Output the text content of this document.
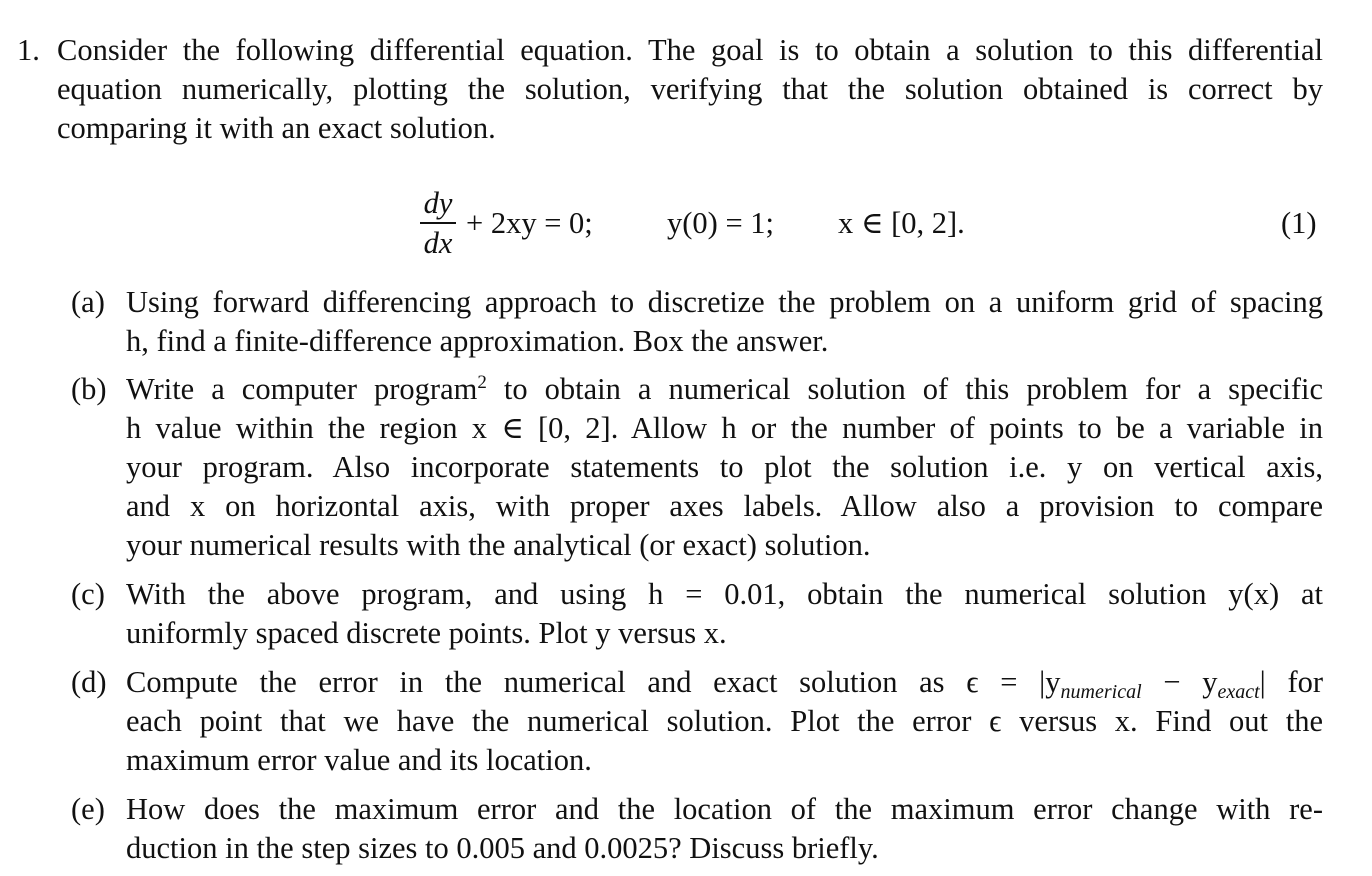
1. Consider the following differential equation. The goal is to obtain a solution to this differential
equation numerically, plotting the solution, verifying that the solution obtained is correct by
comparing it with an exact solution.
dy
dx
+ 2xy = 0; y(0) = 1; x ∈ [0, 2].	(1)
(a) Using forward differencing approach to discretize the problem on a uniform grid of spacing
h, find a finite-difference approximation. Box the answer.
(b) Write a computer program$^2$ to obtain a numerical solution of this problem for a specific
h value within the region x ∈ [0, 2]. Allow h or the number of points to be a variable in
your program. Also incorporate statements to plot the solution i.e. y on vertical axis,
and x on horizontal axis, with proper axes labels. Allow also a provision to compare
your numerical results with the analytical (or exact) solution.
(c) With the above program, and using h = 0.01, obtain the numerical solution y(x) at
uniformly spaced discrete points. Plot y versus x.
(d) Compute the error in the numerical and exact solution as ϵ = |ynumerical − yexact| for
each point that we have the numerical solution. Plot the error ϵ versus x. Find out the
maximum error value and its location.
(e) How does the maximum error and the location of the maximum error change with re-
duction in the step sizes to 0.005 and 0.0025? Discuss briefly.
